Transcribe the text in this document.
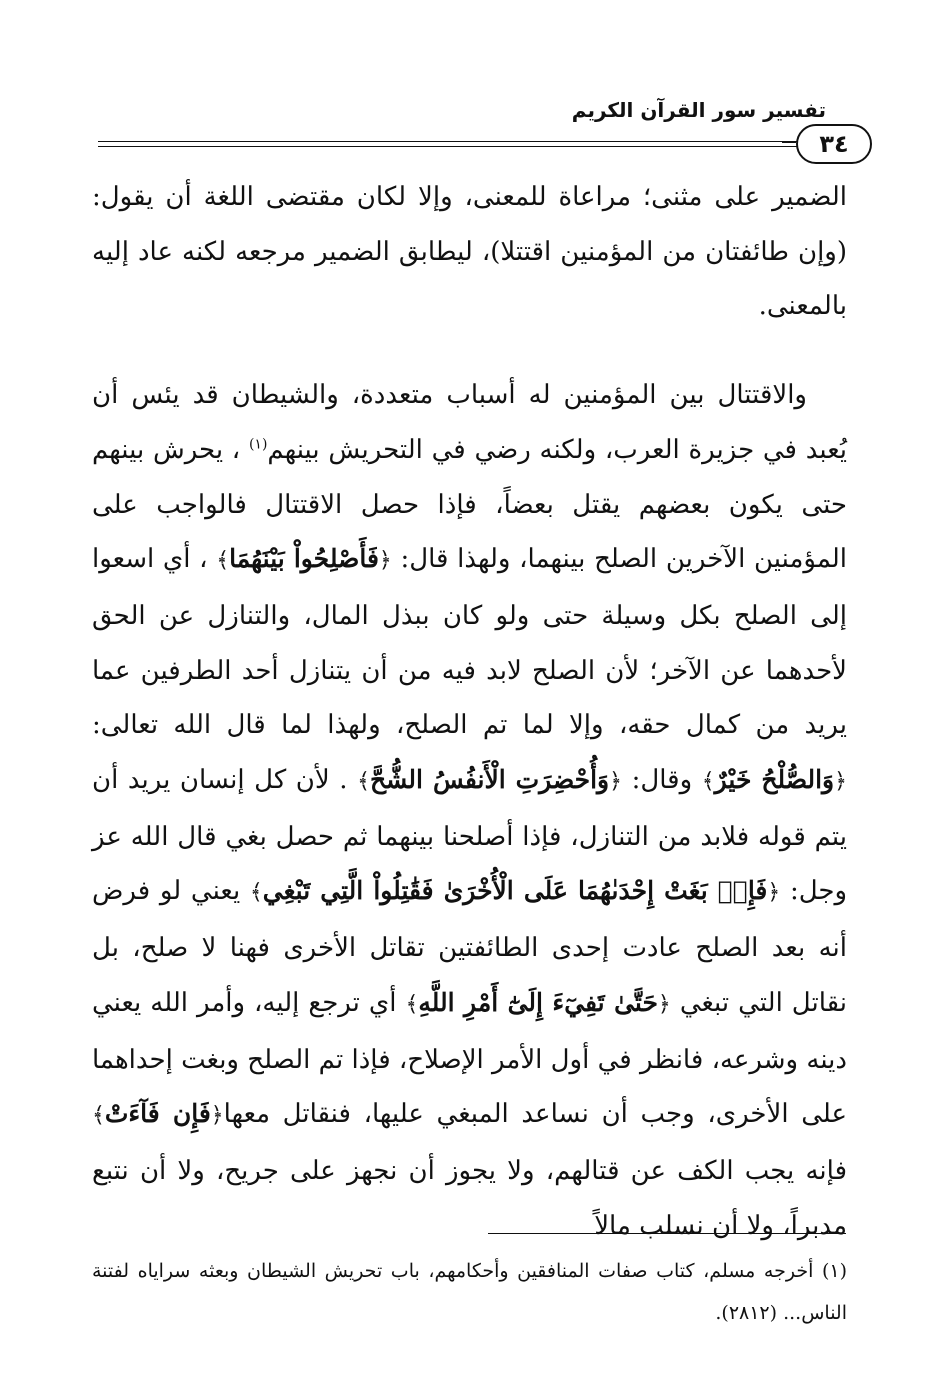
تفسير سور القرآن الكريم
٣٤

الضمير على مثنى؛ مراعاة للمعنى، وإلا لكان مقتضى اللغة أن يقول: (وإن طائفتان من المؤمنين اقتتلا)، ليطابق الضمير مرجعه لكنه عاد إليه بالمعنى.

والاقتتال بين المؤمنين له أسباب متعددة، والشيطان قد يئس أن يُعبد في جزيرة العرب، ولكنه رضي في التحريش بينهم$^{(١)}$ ، يحرش بينهم حتى يكون بعضهم يقتل بعضاً، فإذا حصل الاقتتال فالواجب على المؤمنين الآخرين الصلح بينهما، ولهذا قال: ﴿فَأَصْلِحُواْ بَيْنَهُمَا﴾ ، أي اسعوا إلى الصلح بكل وسيلة حتى ولو كان ببذل المال، والتنازل عن الحق لأحدهما عن الآخر؛ لأن الصلح لابد فيه من أن يتنازل أحد الطرفين عما يريد من كمال حقه، وإلا لما تم الصلح، ولهذا لما قال الله تعالى: ﴿وَالصُّلْحُ خَيْرٌ﴾ وقال: ﴿وَأُحْضِرَتِ الْأَنفُسُ الشُّحَّ﴾ . لأن كل إنسان يريد أن يتم قوله فلابد من التنازل، فإذا أصلحنا بينهما ثم حصل بغي قال الله عز وجل: ﴿فَإِنۢ بَغَتْ إِحْدَىٰهُمَا عَلَى الْأُخْرَىٰ فَقَٰتِلُواْ الَّتِي تَبْغِي﴾ يعني لو فرض أنه بعد الصلح عادت إحدى الطائفتين تقاتل الأخرى فهنا لا صلح، بل نقاتل التي تبغي ﴿حَتَّىٰ تَفِيٓءَ إِلَىٰٓ أَمْرِ اللَّهِ﴾ أي ترجع إليه، وأمر الله يعني دينه وشرعه، فانظر في أول الأمر الإصلاح، فإذا تم الصلح وبغت إحداهما على الأخرى، وجب أن نساعد المبغي عليها، فنقاتل معها﴿فَإِن فَآءَتْ﴾ فإنه يجب الكف عن قتالهم، ولا يجوز أن نجهز على جريح، ولا أن نتبع مدبراً، ولا أن نسلب مالاً

(١) أخرجه مسلم، كتاب صفات المنافقين وأحكامهم، باب تحريش الشيطان وبعثه سراياه لفتنة الناس... (٢٨١٢).
